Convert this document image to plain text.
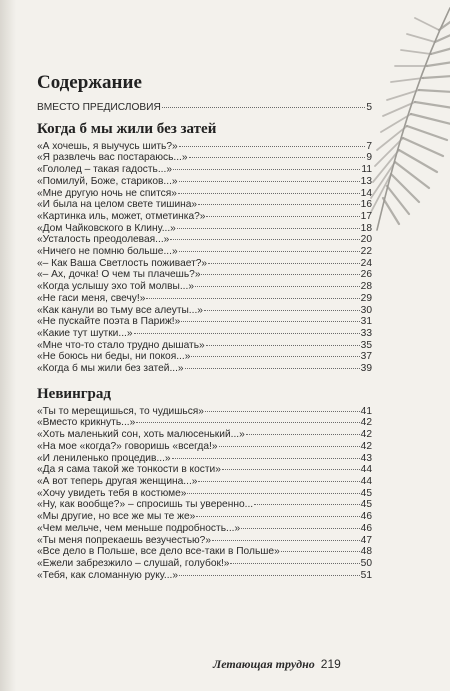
Содержание
ВМЕСТО ПРЕДИСЛОВИЯ	5
Когда б мы жили без затей
«А хочешь, я выучусь шить?»	7
«Я развлечь вас постараюсь...»	9
«Гололед – такая гадость...»	11
«Помилуй, Боже, стариков...»	13
«Мне другую ночь не спится»	14
«И была на целом свете тишина»	16
«Картинка иль, может, отметинка?»	17
«Дом Чайковского в Клину...»	18
«Усталость преодолевая...»	20
«Ничего не помню больше...»	22
«– Как Ваша Светлость поживает?»	24
«– Ах, дочка! О чем ты плачешь?»	26
«Когда услышу эхо той молвы...»	28
«Не гаси меня, свечу!»	29
«Как канули во тьму все алеуты...»	30
«Не пускайте поэта в Париж!»	31
«Какие тут шутки...»	33
«Мне что-то стало трудно дышать»	35
«Не боюсь ни беды, ни покоя...»	37
«Когда б мы жили без затей...»	39
Невинград
«Ты то мерещишься, то чудишься»	41
«Вместо крикнуть...»	42
«Хоть маленький сон, хоть малюсенький...»	42
«На мое «когда?» говоришь «всегда!»	42
«И лениленько процедив...»	43
«Да я сама такой же тонкости в кости»	44
«А вот теперь другая женщина...»	44
«Хочу увидеть тебя в костюме»	45
«Ну, как вообще?» – спросишь ты уверенно...	45
«Мы другие, но все же мы те же»	46
«Чем мельче, чем меньше подробность...»	46
«Ты меня попрекаешь везучестью?»	47
«Все дело в Польше, все дело все-таки в Польше»	48
«Ежели забрезжило – слушай, голубок!»	50
«Тебя, как сломанную руку...»	51
Летающая трудно 219
